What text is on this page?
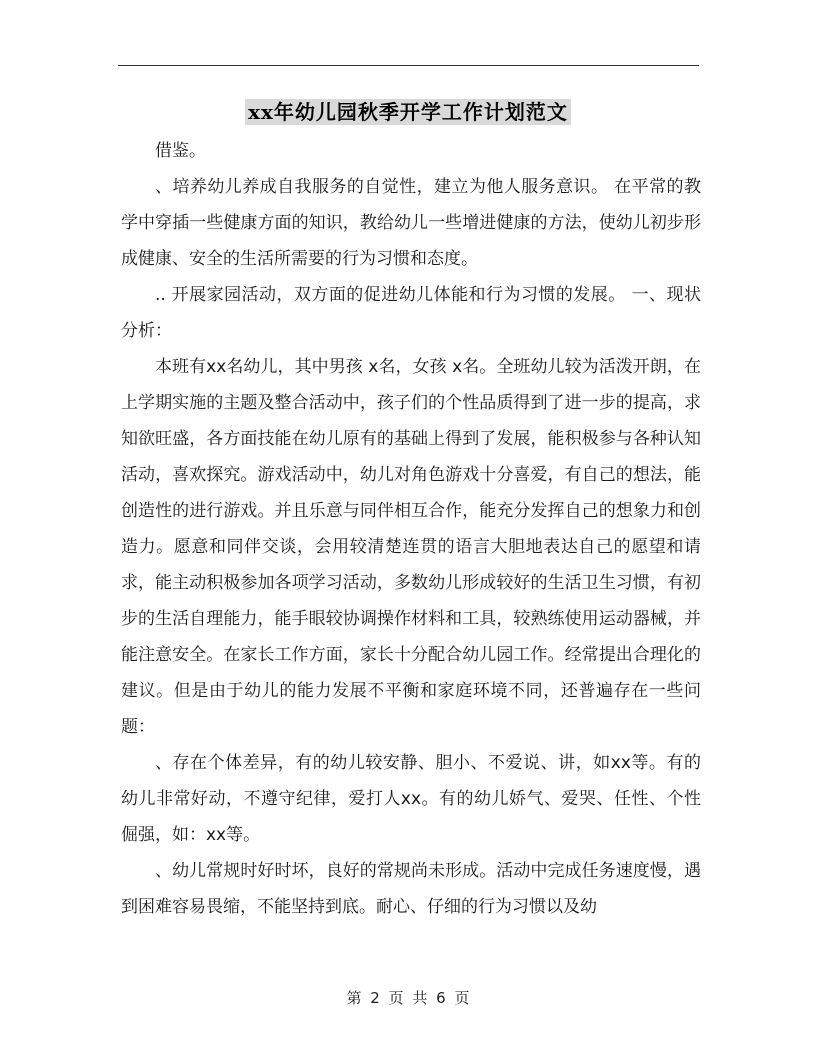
xx年幼儿园秋季开学工作计划范文

借鉴。

、培养幼儿养成自我服务的自觉性，建立为他人服务意识。 在平常的教学中穿插一些健康方面的知识，教给幼儿一些增进健康的方法，使幼儿初步形成健康、安全的生活所需要的行为习惯和态度。

.. 开展家园活动，双方面的促进幼儿体能和行为习惯的发展。 一、现状分析：

本班有xx名幼儿，其中男孩 x名，女孩 x名。全班幼儿较为活泼开朗，在上学期实施的主题及整合活动中，孩子们的个性品质得到了进一步的提高，求知欲旺盛，各方面技能在幼儿原有的基础上得到了发展，能积极参与各种认知活动，喜欢探究。游戏活动中，幼儿对角色游戏十分喜爱，有自己的想法，能创造性的进行游戏。并且乐意与同伴相互合作，能充分发挥自己的想象力和创造力。愿意和同伴交谈，会用较清楚连贯的语言大胆地表达自己的愿望和请求，能主动积极参加各项学习活动，多数幼儿形成较好的生活卫生习惯，有初步的生活自理能力，能手眼较协调操作材料和工具，较熟练使用运动器械，并能注意安全。在家长工作方面，家长十分配合幼儿园工作。经常提出合理化的建议。但是由于幼儿的能力发展不平衡和家庭环境不同，还普遍存在一些问题：

、存在个体差异，有的幼儿较安静、胆小、不爱说、讲，如xx等。有的幼儿非常好动，不遵守纪律，爱打人xx。有的幼儿娇气、爱哭、任性、个性倔强，如：xx等。

、幼儿常规时好时坏，良好的常规尚未形成。活动中完成任务速度慢，遇到困难容易畏缩，不能坚持到底。耐心、仔细的行为习惯以及幼

第 2 页 共 6 页
